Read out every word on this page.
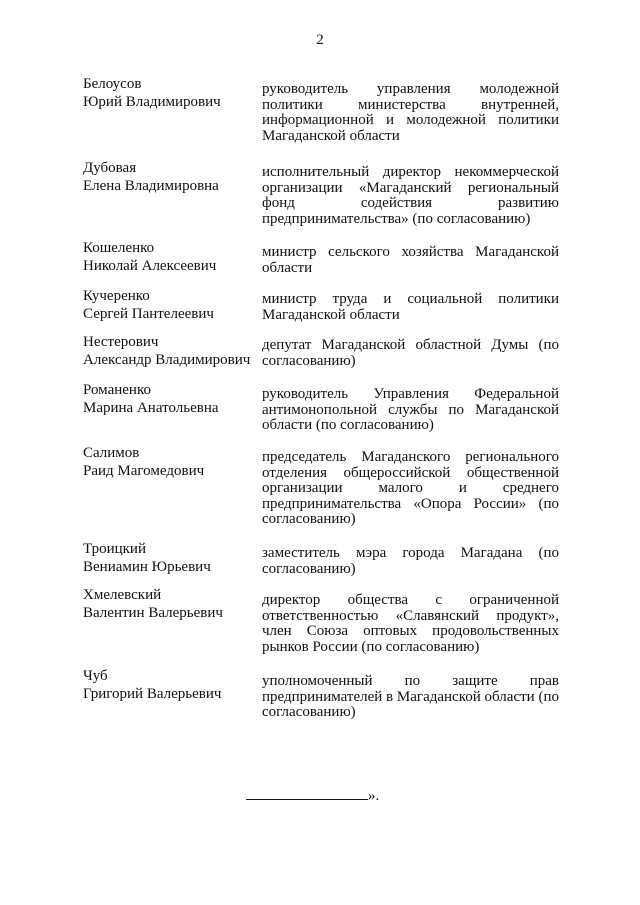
2
Белоусов
Юрий Владимирович
руководитель управления молодежной политики министерства внутренней, информационной и молодежной политики Магаданской области
Дубовая
Елена Владимировна
исполнительный директор некоммерческой организации «Магаданский региональный фонд содействия развитию предпринимательства» (по согласованию)
Кошеленко
Николай Алексеевич
министр сельского хозяйства Магаданской области
Кучеренко
Сергей Пантелеевич
министр труда и социальной политики Магаданской области
Нестерович
Александр Владимирович
депутат Магаданской областной Думы (по согласованию)
Романенко
Марина Анатольевна
руководитель Управления Федеральной антимонопольной службы по Магаданской области (по согласованию)
Салимов
Раид Магомедович
председатель Магаданского регионального отделения общероссийской общественной организации малого и среднего предпринимательства «Опора России» (по согласованию)
Троицкий
Вениамин Юрьевич
заместитель мэра города Магадана (по согласованию)
Хмелевский
Валентин Валерьевич
директор общества с ограниченной ответственностью «Славянский продукт», член Союза оптовых продовольственных рынков России (по согласованию)
Чуб
Григорий Валерьевич
уполномоченный по защите прав предпринимателей в Магаданской области (по согласованию)
».
